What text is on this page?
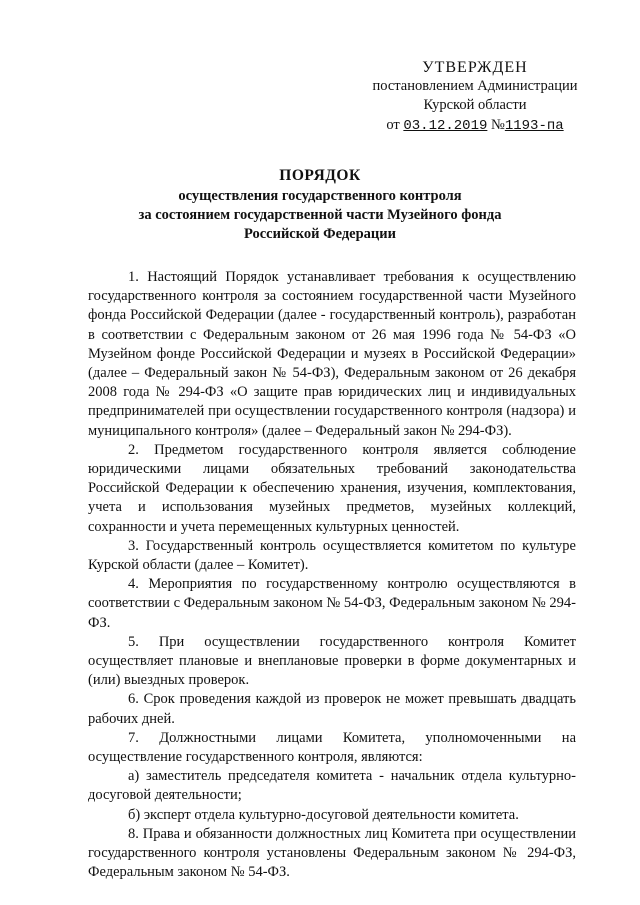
УТВЕРЖДЕН
постановлением Администрации
Курской области
от 03.12.2019 №1193-па
ПОРЯДОК
осуществления государственного контроля
за состоянием государственной части Музейного фонда
Российской Федерации

1. Настоящий Порядок устанавливает требования к осуществлению государственного контроля за состоянием государственной части Музейного фонда Российской Федерации (далее - государственный контроль), разработан в соответствии с Федеральным законом от 26 мая 1996 года № 54-ФЗ «О Музейном фонде Российской Федерации и музеях в Российской Федерации» (далее – Федеральный закон № 54-ФЗ), Федеральным законом от 26 декабря 2008 года № 294-ФЗ «О защите прав юридических лиц и индивидуальных предпринимателей при осуществлении государственного контроля (надзора) и муниципального контроля» (далее – Федеральный закон № 294-ФЗ).

2. Предметом государственного контроля является соблюдение юридическими лицами обязательных требований законодательства Российской Федерации к обеспечению хранения, изучения, комплектования, учета и использования музейных предметов, музейных коллекций, сохранности и учета перемещенных культурных ценностей.

3. Государственный контроль осуществляется комитетом по культуре Курской области (далее – Комитет).

4. Мероприятия по государственному контролю осуществляются в соответствии с Федеральным законом № 54-ФЗ, Федеральным законом № 294-ФЗ.

5. При осуществлении государственного контроля Комитет осуществляет плановые и внеплановые проверки в форме документарных и (или) выездных проверок.

6. Срок проведения каждой из проверок не может превышать двадцать рабочих дней.

7. Должностными лицами Комитета, уполномоченными на осуществление государственного контроля, являются:

а) заместитель председателя комитета - начальник отдела культурно-досуговой деятельности;

б) эксперт отдела культурно-досуговой деятельности комитета.

8. Права и обязанности должностных лиц Комитета при осуществлении государственного контроля установлены Федеральным законом № 294-ФЗ, Федеральным законом № 54-ФЗ.
